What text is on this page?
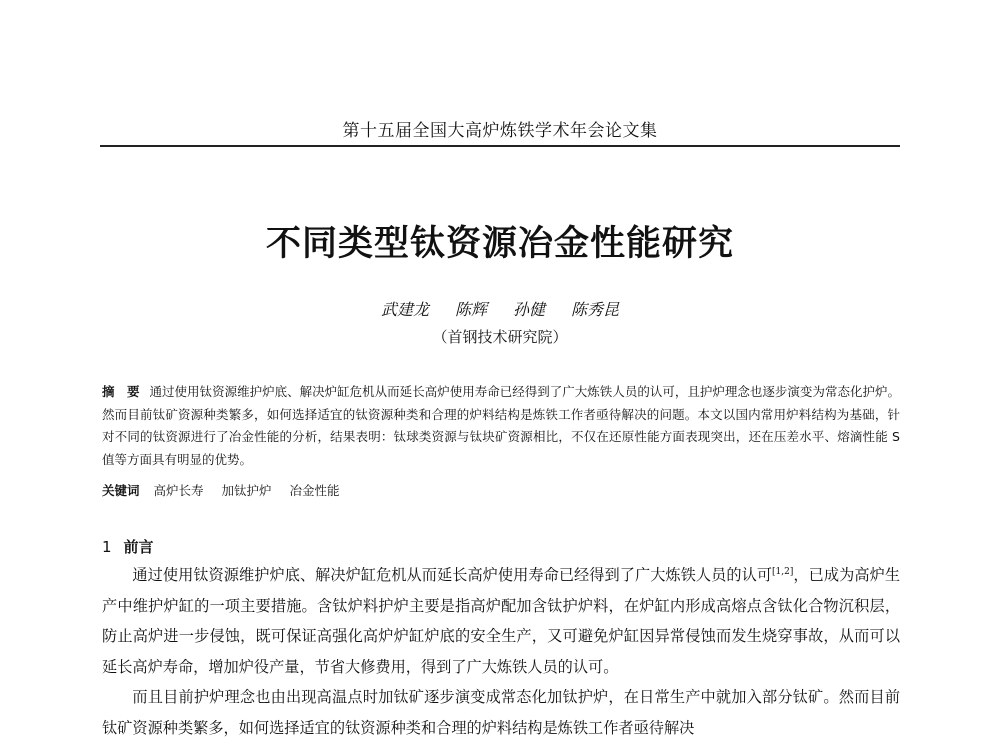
第十五届全国大高炉炼铁学术年会论文集
不同类型钛资源冶金性能研究
武建龙 陈辉 孙健 陈秀昆
（首钢技术研究院）
摘　要 通过使用钛资源维护炉底、解决炉缸危机从而延长高炉使用寿命已经得到了广大炼铁人员的认可，且护炉理念也逐步演变为常态化护炉。然而目前钛矿资源种类繁多，如何选择适宜的钛资源种类和合理的炉料结构是炼铁工作者亟待解决的问题。本文以国内常用炉料结构为基础，针对不同的钛资源进行了冶金性能的分析，结果表明：钛球类资源与钛块矿资源相比，不仅在还原性能方面表现突出，还在压差水平、熔滴性能 S 值等方面具有明显的优势。
关键词 高炉长寿 加钛护炉 冶金性能
1 前言

通过使用钛资源维护炉底、解决炉缸危机从而延长高炉使用寿命已经得到了广大炼铁人员的认可[1,2]，已成为高炉生产中维护炉缸的一项主要措施。含钛炉料护炉主要是指高炉配加含钛护炉料，在炉缸内形成高熔点含钛化合物沉积层，防止高炉进一步侵蚀，既可保证高强化高炉炉缸炉底的安全生产，又可避免炉缸因异常侵蚀而发生烧穿事故，从而可以延长高炉寿命，增加炉役产量，节省大修费用，得到了广大炼铁人员的认可。

而且目前护炉理念也由出现高温点时加钛矿逐步演变成常态化加钛护炉，在日常生产中就加入部分钛矿。然而目前钛矿资源种类繁多，如何选择适宜的钛资源种类和合理的炉料结构是炼铁工作者亟待解决
